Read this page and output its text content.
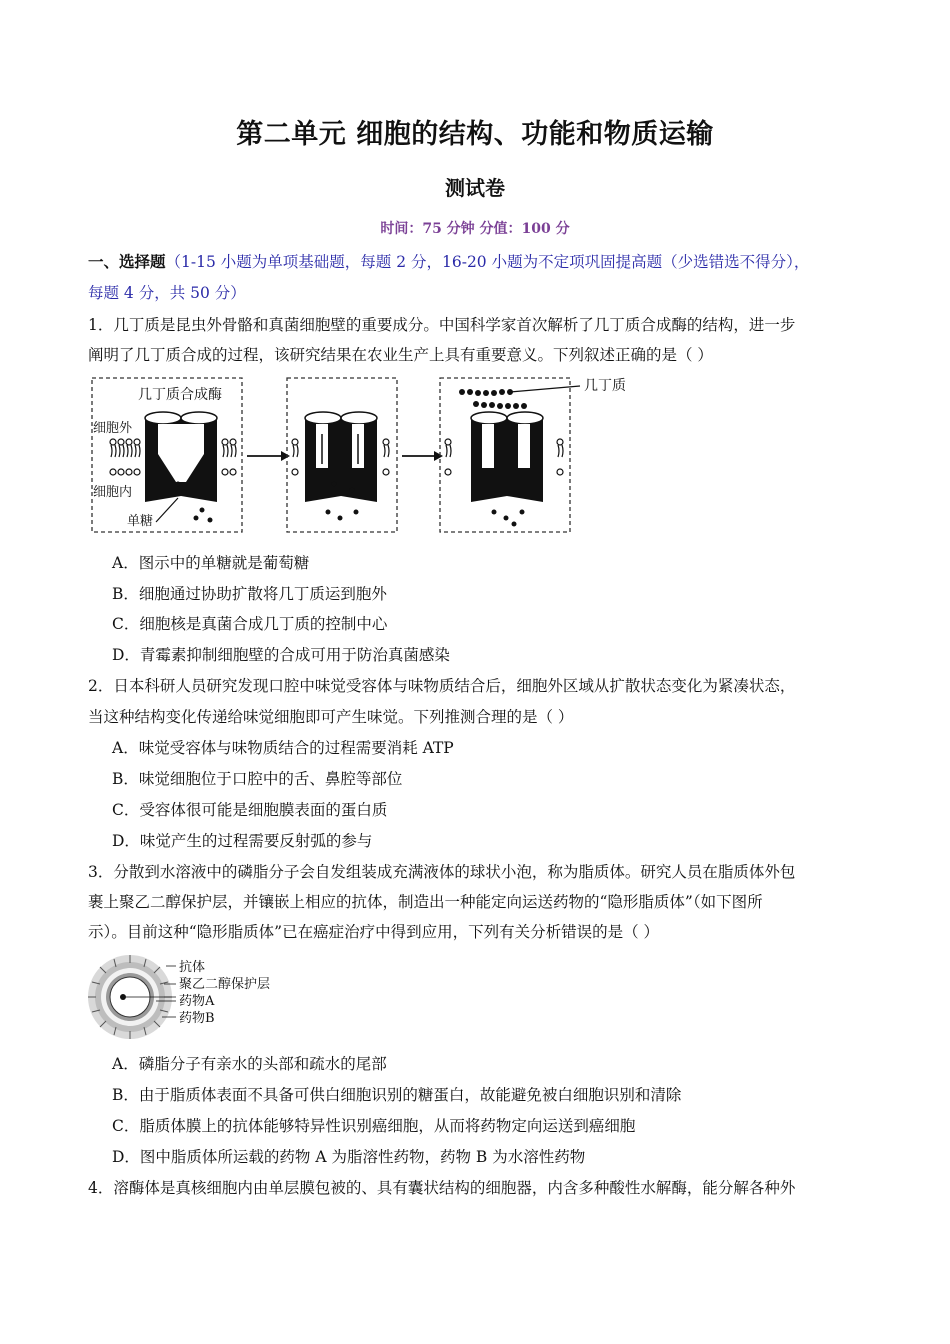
第二单元 细胞的结构、功能和物质运输
测试卷
时间：75 分钟 分值：100 分
一、选择题（1-15 小题为单项基础题，每题 2 分，16-20 小题为不定项巩固提高题（少选错选不得分），
每题 4 分，共 50 分）
1．几丁质是昆虫外骨骼和真菌细胞壁的重要成分。中国科学家首次解析了几丁质合成酶的结构，进一步
阐明了几丁质合成的过程，该研究结果在农业生产上具有重要意义。下列叙述正确的是（ ）
几丁质合成酶
细胞外
细胞内
单糖
几丁质
A．图示中的单糖就是葡萄糖
B．细胞通过协助扩散将几丁质运到胞外
C．细胞核是真菌合成几丁质的控制中心
D．青霉素抑制细胞壁的合成可用于防治真菌感染
2．日本科研人员研究发现口腔中味觉受容体与味物质结合后，细胞外区域从扩散状态变化为紧凑状态，
当这种结构变化传递给味觉细胞即可产生味觉。下列推测合理的是（ ）
A．味觉受容体与味物质结合的过程需要消耗 ATP
B．味觉细胞位于口腔中的舌、鼻腔等部位
C．受容体很可能是细胞膜表面的蛋白质
D．味觉产生的过程需要反射弧的参与
3．分散到水溶液中的磷脂分子会自发组装成充满液体的球状小泡，称为脂质体。研究人员在脂质体外包
裹上聚乙二醇保护层，并镶嵌上相应的抗体，制造出一种能定向运送药物的“隐形脂质体”（如下图所
示）。目前这种“隐形脂质体”已在癌症治疗中得到应用，下列有关分析错误的是（ ）
抗体
聚乙二醇保护层
药物A
药物B
A．磷脂分子有亲水的头部和疏水的尾部
B．由于脂质体表面不具备可供白细胞识别的糖蛋白，故能避免被白细胞识别和清除
C．脂质体膜上的抗体能够特异性识别癌细胞，从而将药物定向运送到癌细胞
D．图中脂质体所运载的药物 A 为脂溶性药物，药物 B 为水溶性药物
4．溶酶体是真核细胞内由单层膜包被的、具有囊状结构的细胞器，内含多种酸性水解酶，能分解各种外
